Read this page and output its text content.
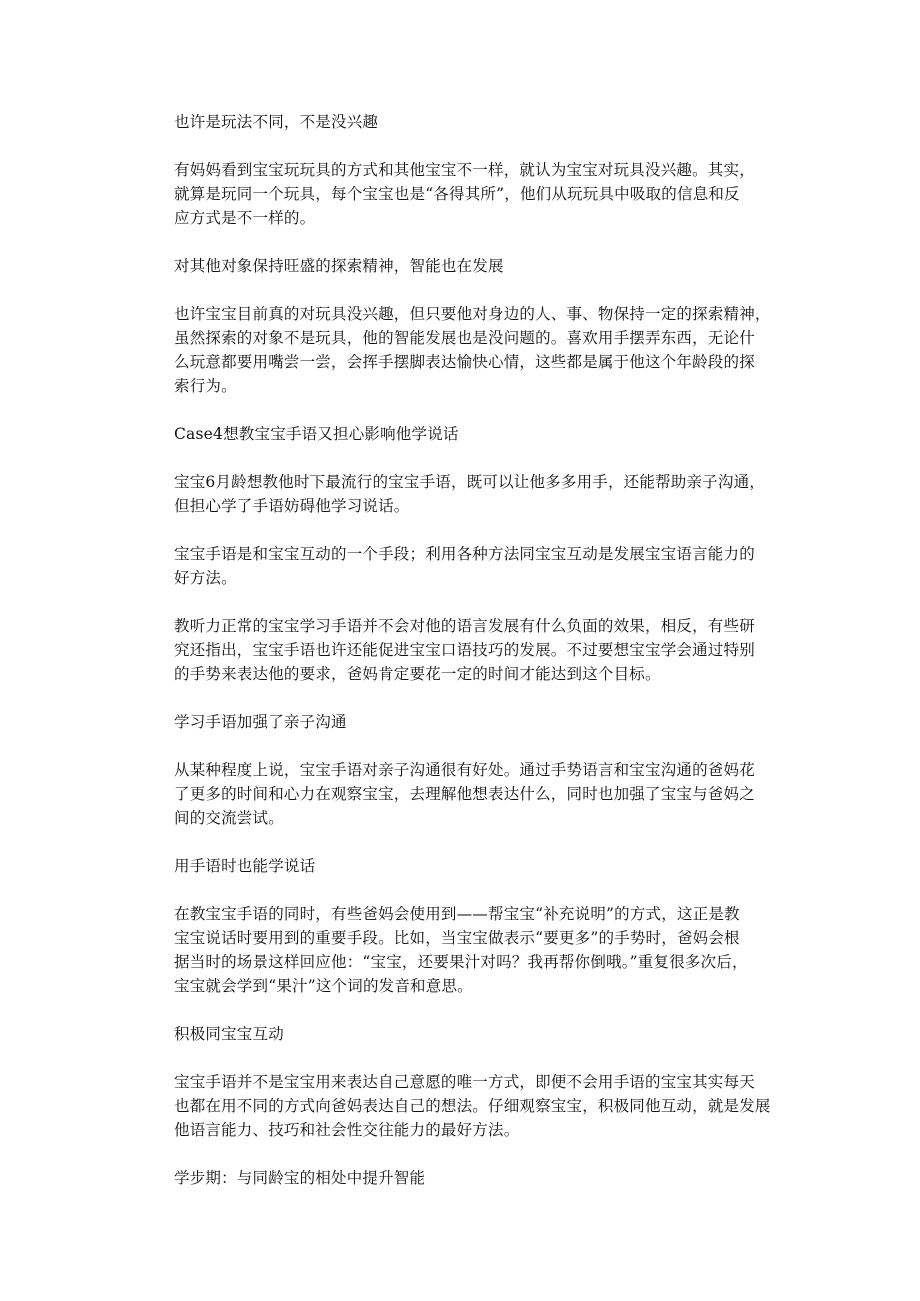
也许是玩法不同，不是没兴趣
有妈妈看到宝宝玩玩具的方式和其他宝宝不一样，就认为宝宝对玩具没兴趣。其实，
就算是玩同一个玩具，每个宝宝也是“各得其所”，他们从玩玩具中吸取的信息和反
应方式是不一样的。
对其他对象保持旺盛的探索精神，智能也在发展
也许宝宝目前真的对玩具没兴趣，但只要他对身边的人、事、物保持一定的探索精神，
虽然探索的对象不是玩具，他的智能发展也是没问题的。喜欢用手摆弄东西，无论什
么玩意都要用嘴尝一尝，会挥手摆脚表达愉快心情，这些都是属于他这个年龄段的探
索行为。
Case4想教宝宝手语又担心影响他学说话
宝宝6月龄想教他时下最流行的宝宝手语，既可以让他多多用手，还能帮助亲子沟通，
但担心学了手语妨碍他学习说话。
宝宝手语是和宝宝互动的一个手段；利用各种方法同宝宝互动是发展宝宝语言能力的
好方法。
教听力正常的宝宝学习手语并不会对他的语言发展有什么负面的效果，相反，有些研
究还指出，宝宝手语也许还能促进宝宝口语技巧的发展。不过要想宝宝学会通过特别
的手势来表达他的要求，爸妈肯定要花一定的时间才能达到这个目标。
学习手语加强了亲子沟通
从某种程度上说，宝宝手语对亲子沟通很有好处。通过手势语言和宝宝沟通的爸妈花
了更多的时间和心力在观察宝宝，去理解他想表达什么，同时也加强了宝宝与爸妈之
间的交流尝试。
用手语时也能学说话
在教宝宝手语的同时，有些爸妈会使用到——帮宝宝“补充说明”的方式，这正是教
宝宝说话时要用到的重要手段。比如，当宝宝做表示“要更多”的手势时，爸妈会根
据当时的场景这样回应他：“宝宝，还要果汁对吗？我再帮你倒哦。”重复很多次后，
宝宝就会学到“果汁”这个词的发音和意思。
积极同宝宝互动
宝宝手语并不是宝宝用来表达自己意愿的唯一方式，即便不会用手语的宝宝其实每天
也都在用不同的方式向爸妈表达自己的想法。仔细观察宝宝，积极同他互动，就是发展
他语言能力、技巧和社会性交往能力的最好方法。
学步期：与同龄宝的相处中提升智能
